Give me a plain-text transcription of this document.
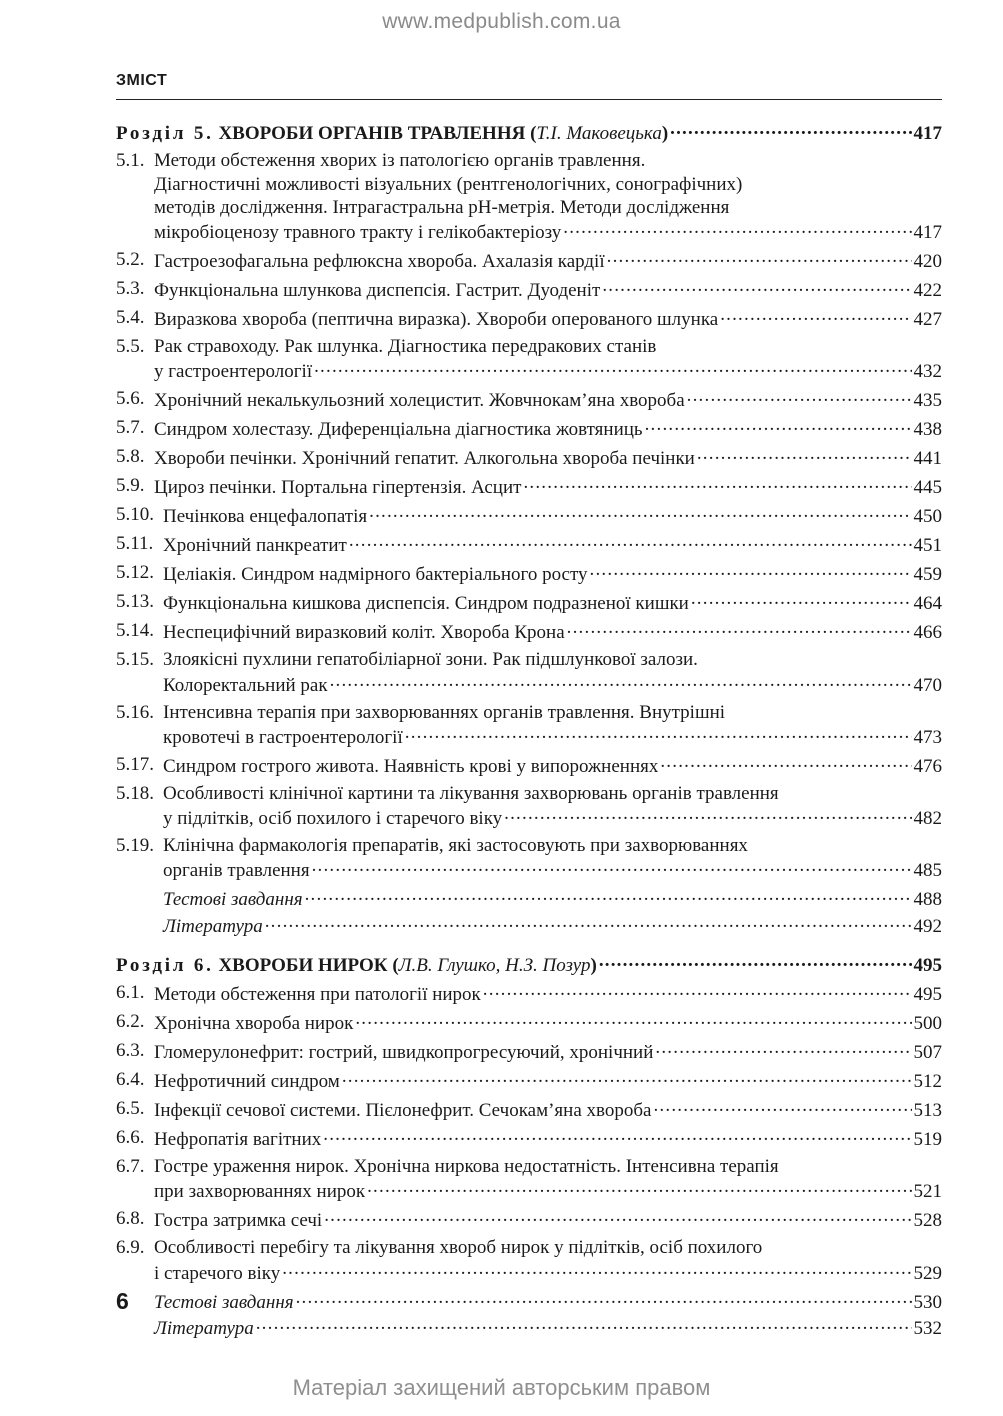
www.medpublish.com.ua
ЗМІСТ
Розділ 5. ХВОРОБИ ОРГАНІВ ТРАВЛЕННЯ (Т.І. Маковецька) .....	417
5.1. Методи обстеження хворих із патологією органів травлення.
Діагностичні можливості візуальних (рентгенологічних, сонографічних)
методів дослідження. Інтрагастральна рН-метрія. Методи дослідження
мікробіоценозу травного тракту і гелікобактеріозу .....	417
5.2. Гастроезофагальна рефлюксна хвороба. Ахалазія кардії .....	420
5.3. Функціональна шлункова диспепсія. Гастрит. Дуоденіт .....	422
5.4. Виразкова хвороба (пептична виразка). Хвороби оперованого шлунка .....	427
5.5. Рак стравоходу. Рак шлунка. Діагностика передракових станів
у гастроентерології .....	432
5.6. Хронічний некалькульозний холецистит. Жовчнокам’яна хвороба .....	435
5.7. Синдром холестазу. Диференціальна діагностика жовтяниць .....	438
5.8. Хвороби печінки. Хронічний гепатит. Алкогольна хвороба печінки .....	441
5.9. Цироз печінки. Портальна гіпертензія. Асцит .....	445
5.10. Печінкова енцефалопатія .....	450
5.11. Хронічний панкреатит .....	451
5.12. Целіакія. Синдром надмірного бактеріального росту .....	459
5.13. Функціональна кишкова диспепсія. Синдром подразненої кишки .....	464
5.14. Неспецифічний виразковий коліт. Хвороба Крона .....	466
5.15. Злоякісні пухлини гепатобіліарної зони. Рак підшлункової залози.
Колоректальний рак .....	470
5.16. Інтенсивна терапія при захворюваннях органів травлення. Внутрішні
кровотечі в гастроентерології .....	473
5.17. Синдром гострого живота. Наявність крові у випорожненнях .....	476
5.18. Особливості клінічної картини та лікування захворювань органів травлення
у підлітків, осіб похилого і старечого віку .....	482
5.19. Клінічна фармакологія препаратів, які застосовують при захворюваннях
органів травлення .....	485
Тестові завдання .....	488
Література .....	492
Розділ 6. ХВОРОБИ НИРОК (Л.В. Глушко, Н.З. Позур) .....	495
6.1. Методи обстеження при патології нирок .....	495
6.2. Хронічна хвороба нирок .....	500
6.3. Гломерулонефрит: гострий, швидкопрогресуючий, хронічний .....	507
6.4. Нефротичний синдром .....	512
6.5. Інфекції сечової системи. Пієлонефрит. Сечокам’яна хвороба .....	513
6.6. Нефропатія вагітних .....	519
6.7. Гостре ураження нирок. Хронічна ниркова недостатність. Інтенсивна терапія
при захворюваннях нирок .....	521
6.8. Гостра затримка сечі .....	528
6.9. Особливості перебігу та лікування хвороб нирок у підлітків, осіб похилого
і старечого віку .....	529
Тестові завдання .....	530
Література .....	532
6
Матеріал захищений авторським правом
